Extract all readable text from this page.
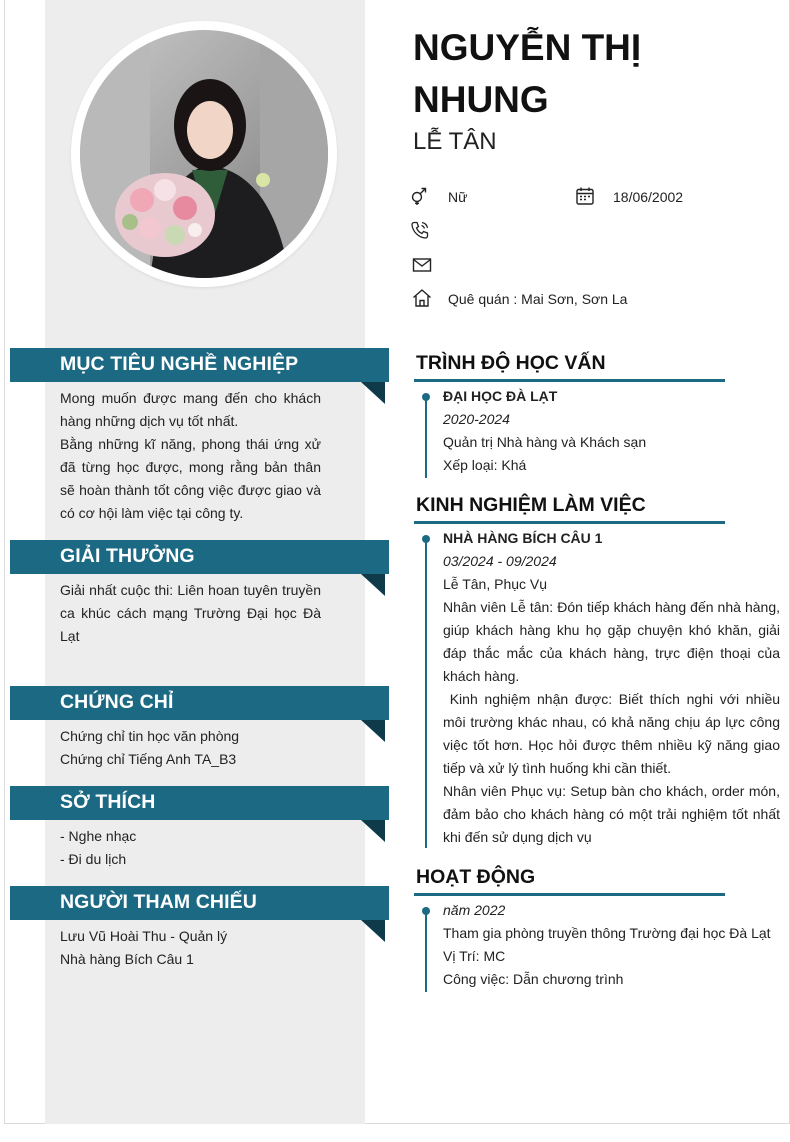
MỤC TIÊU NGHỀ NGHIỆP

Mong muốn được mang đến cho khách hàng những dịch vụ tốt nhất.

Bằng những kĩ năng, phong thái ứng xử đã từng học được, mong rằng bản thân sẽ hoàn thành tốt công việc được giao và có cơ hội làm việc tại công ty.

GIẢI THƯỞNG

Giải nhất cuộc thi: Liên hoan tuyên truyền ca khúc cách mạng Trường Đại học Đà Lạt

CHỨNG CHỈ

Chứng chỉ tin học văn phòng

Chứng chỉ Tiếng Anh TA_B3

SỞ THÍCH

- Nghe nhạc

- Đi du lịch

NGƯỜI THAM CHIẾU

Lưu Vũ Hoài Thu - Quản lý

Nhà hàng Bích Câu 1

NGUYỄN THỊ NHUNG
LỄ TÂN
Nữ	18/06/2002
Quê quán : Mai Sơn, Sơn La
TRÌNH ĐỘ HỌC VẤN
ĐẠI HỌC ĐÀ LẠT
2020-2024
Quản trị Nhà hàng và Khách sạn
Xếp loại: Khá
KINH NGHIỆM LÀM VIỆC
NHÀ HÀNG BÍCH CÂU 1
03/2024 - 09/2024
Lễ Tân, Phục Vụ

Nhân viên Lễ tân: Đón tiếp khách hàng đến nhà hàng, giúp khách hàng khu họ gặp chuyện khó khăn, giải đáp thắc mắc của khách hàng, trực điện thoại của khách hàng.

Kinh nghiệm nhận được: Biết thích nghi với nhiều môi trường khác nhau, có khả năng chịu áp lực công việc tốt hơn. Học hỏi được thêm nhiều kỹ năng giao tiếp và xử lý tình huống khi cần thiết.

Nhân viên Phục vụ: Setup bàn cho khách, order món, đảm bảo cho khách hàng có một trải nghiệm tốt nhất khi đến sử dụng dịch vụ

HOẠT ĐỘNG
năm 2022
Tham gia phòng truyền thông Trường đại học Đà Lạt
Vị Trí: MC
Công việc: Dẫn chương trình
